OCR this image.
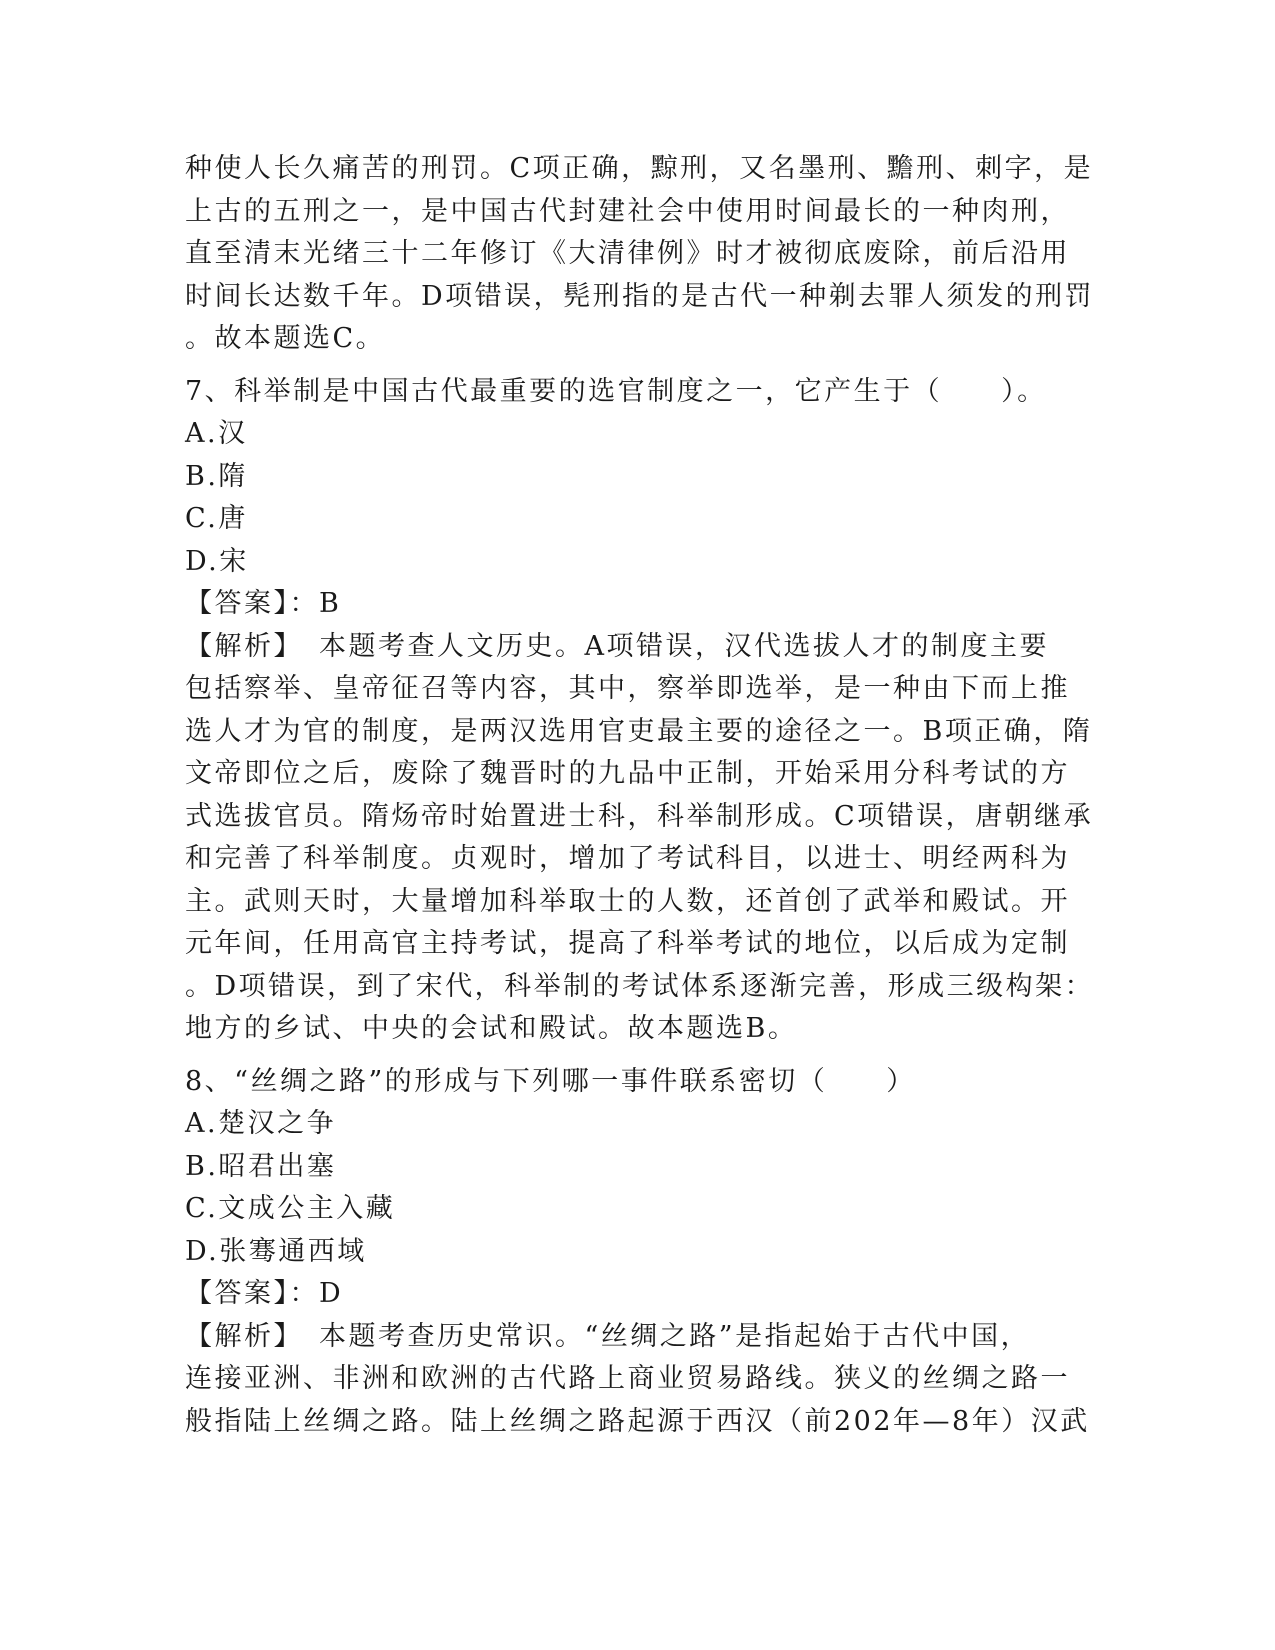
种使人长久痛苦的刑罚。C项正确，黥刑，又名墨刑、黵刑、刺字，是
上古的五刑之一，是中国古代封建社会中使用时间最长的一种肉刑，
直至清末光绪三十二年修订《大清律例》时才被彻底废除，前后沿用
时间长达数千年。D项错误，髡刑指的是古代一种剃去罪人须发的刑罚
。故本题选C。
7、科举制是中国古代最重要的选官制度之一，它产生于（　　）。
A.汉
B.隋
C.唐
D.宋
【答案】：B
【解析】　本题考查人文历史。A项错误，汉代选拔人才的制度主要
包括察举、皇帝征召等内容，其中，察举即选举，是一种由下而上推
选人才为官的制度，是两汉选用官吏最主要的途径之一。B项正确，隋
文帝即位之后，废除了魏晋时的九品中正制，开始采用分科考试的方
式选拔官员。隋炀帝时始置进士科，科举制形成。C项错误，唐朝继承
和完善了科举制度。贞观时，增加了考试科目，以进士、明经两科为
主。武则天时，大量增加科举取士的人数，还首创了武举和殿试。开
元年间，任用高官主持考试，提高了科举考试的地位，以后成为定制
。D项错误，到了宋代，科举制的考试体系逐渐完善，形成三级构架：
地方的乡试、中央的会试和殿试。故本题选B。
8、“丝绸之路”的形成与下列哪一事件联系密切（　　）
A.楚汉之争
B.昭君出塞
C.文成公主入藏
D.张骞通西域
【答案】：D
【解析】　本题考查历史常识。“丝绸之路”是指起始于古代中国，
连接亚洲、非洲和欧洲的古代路上商业贸易路线。狭义的丝绸之路一
般指陆上丝绸之路。陆上丝绸之路起源于西汉（前202年—8年）汉武
